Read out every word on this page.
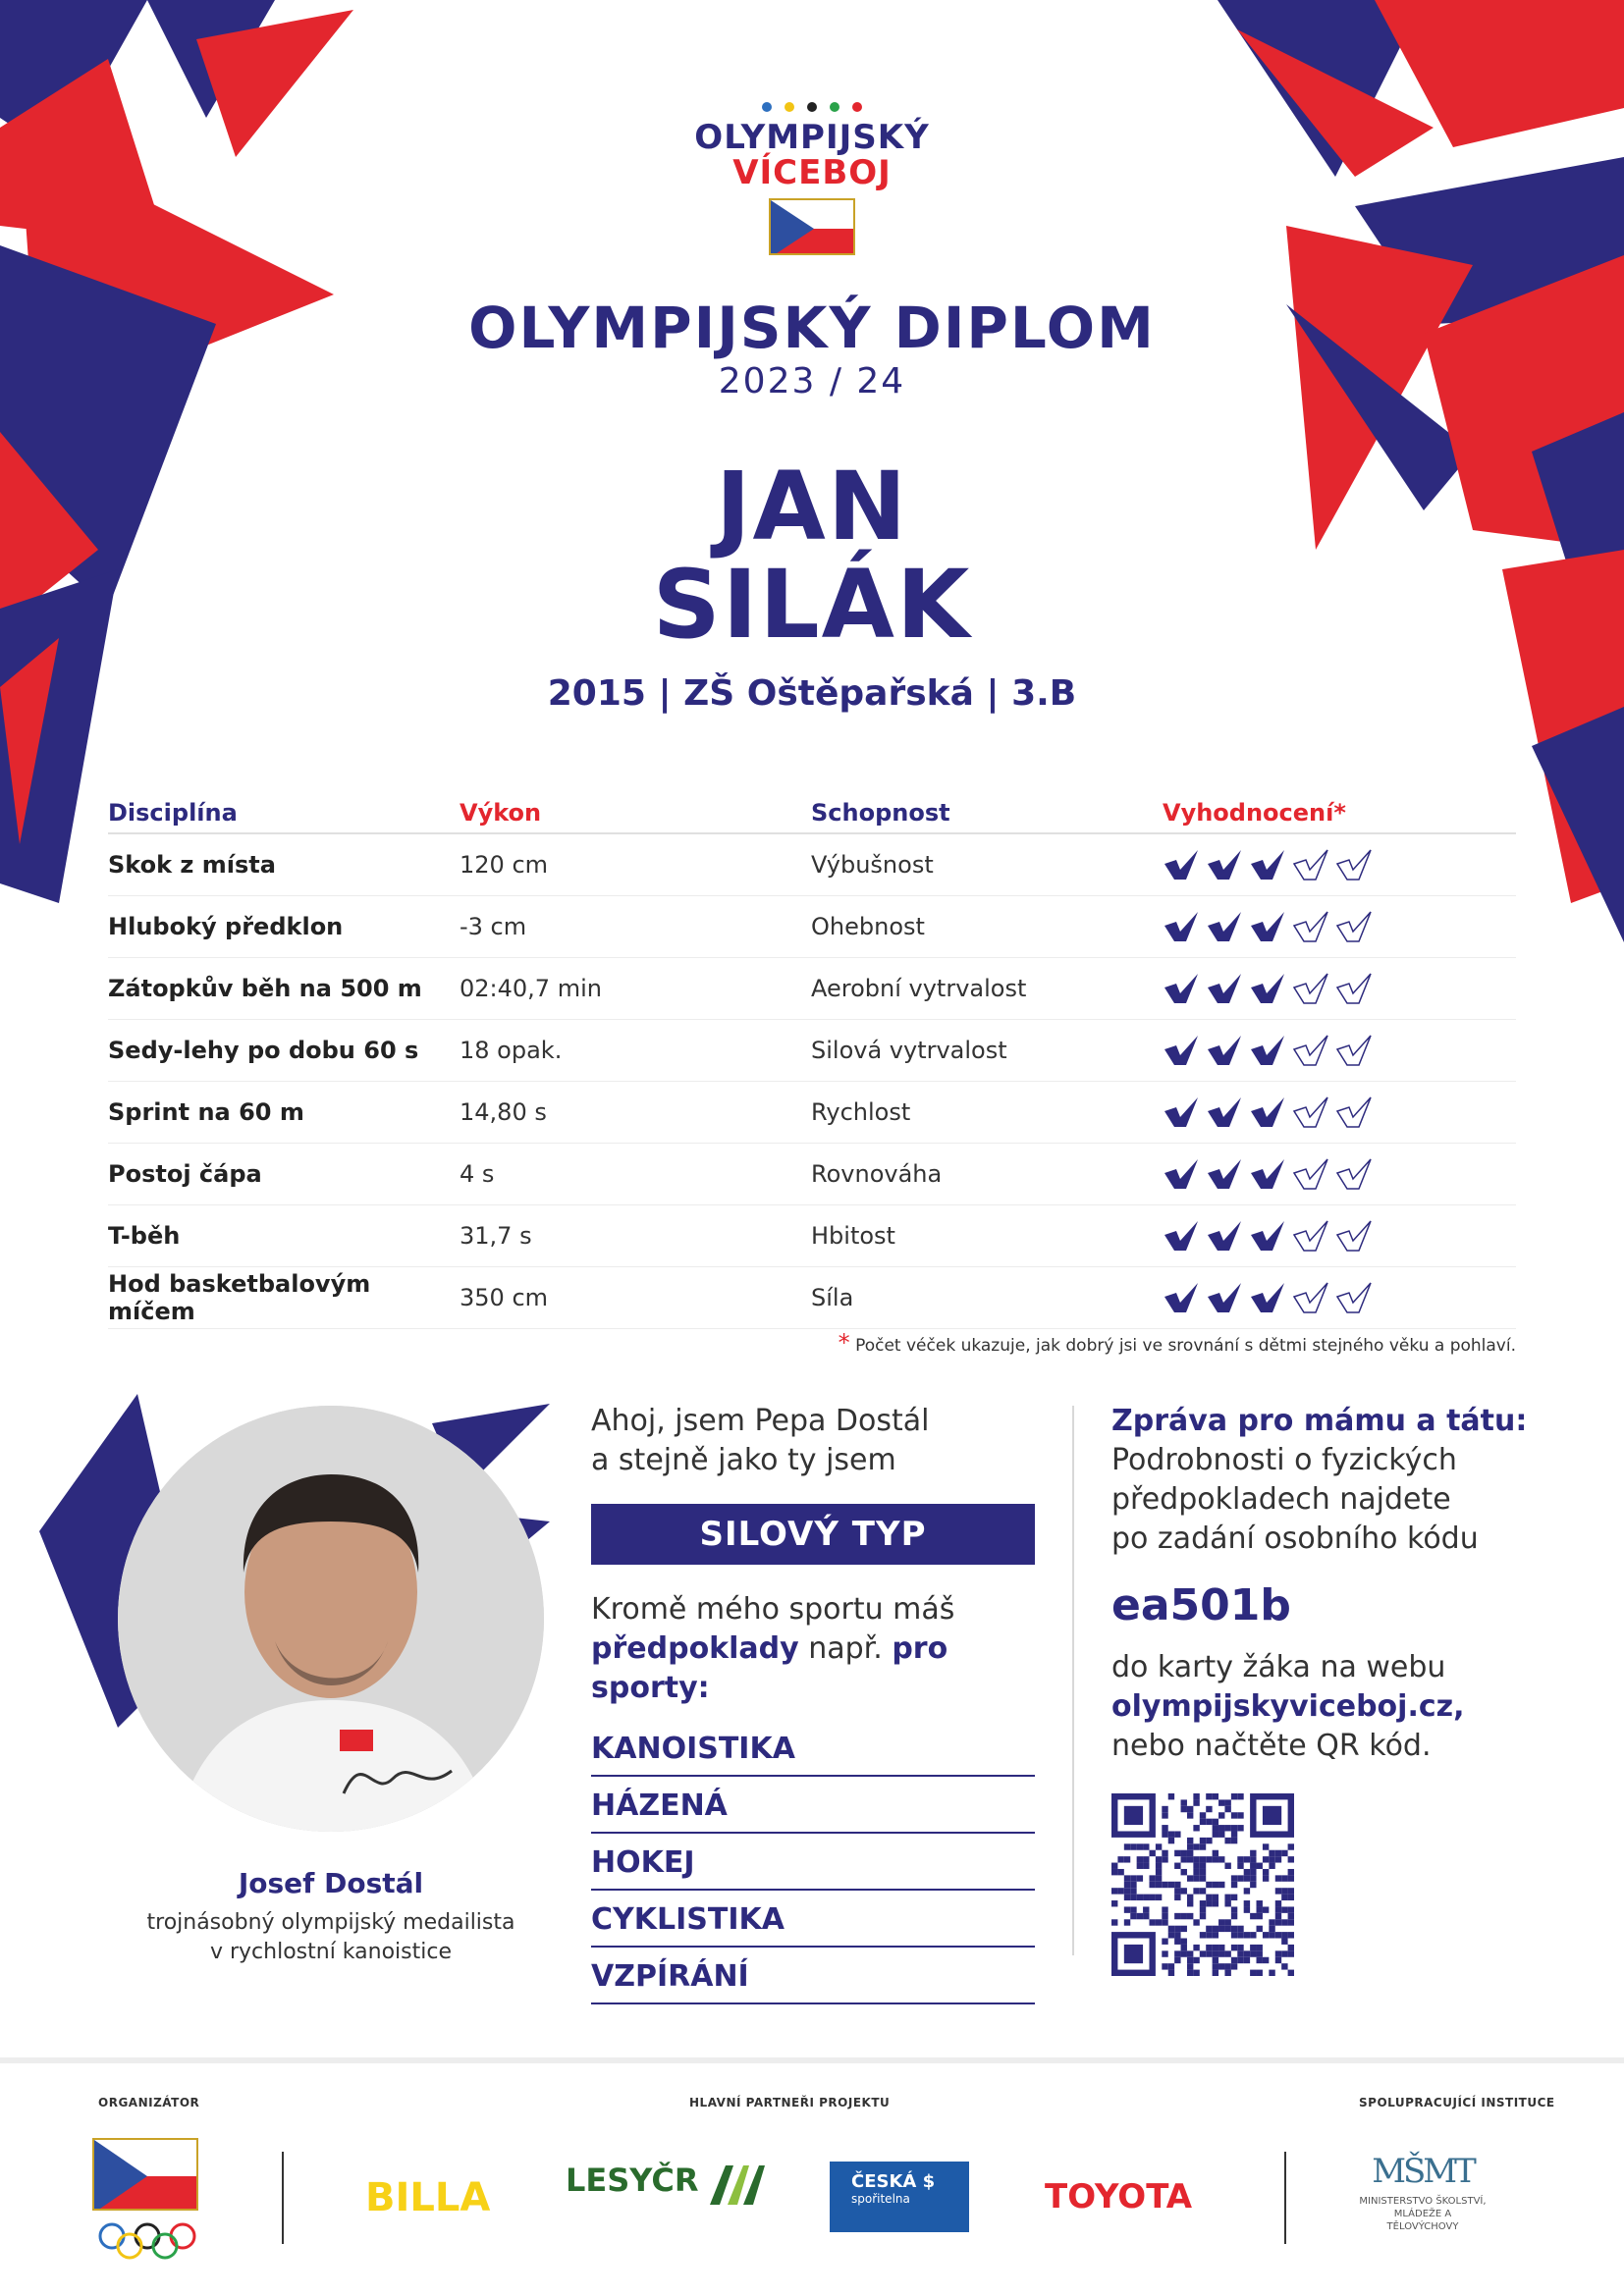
OLYMPIJSKÝ
VÍCEBOJ
OLYMPIJSKÝ DIPLOM
2023 / 24
JAN
SILÁK
2015 | ZŠ Oštěpařská | 3.B
Disciplína	Výkon	Schopnost	Vyhodnocení*
Skok z místa	120 cm	Výbušnost
Hluboký předklon	-3 cm	Ohebnost
Zátopkův běh na 500 m	02:40,7 min	Aerobní vytrvalost
Sedy-lehy po dobu 60 s	18 opak.	Silová vytrvalost
Sprint na 60 m	14,80 s	Rychlost
Postoj čápa	4 s	Rovnováha
T-běh	31,7 s	Hbitost
Hod basketbalovým míčem	350 cm	Síla
* Počet véček ukazuje, jak dobrý jsi ve srovnání s dětmi stejného věku a pohlaví.
Josef Dostál
trojnásobný olympijský medailista
v rychlostní kanoistice
Ahoj, jsem Pepa Dostál
a stejně jako ty jsem
SILOVÝ TYP
Kromě mého sportu máš
předpoklady např. pro sporty:
KANOISTIKA
HÁZENÁ
HOKEJ
CYKLISTIKA
VZPÍRÁNÍ
Zpráva pro mámu a tátu:
Podrobnosti o fyzických
předpokladech najdete
po zadání osobního kódu
ea501b
do karty žáka na webu
olympijskyviceboj.cz,
nebo načtěte QR kód.
ORGANIZÁTOR	HLAVNÍ PARTNEŘI PROJEKTU	SPOLUPRACUJÍCÍ INSTITUCE
BILLA LESYČR	ČESKÁ $
spořitelna	TOYOTA
MŠMT
MINISTERSTVO ŠKOLSTVÍ,
MLÁDEŽE A TĚLOVÝCHOVY
